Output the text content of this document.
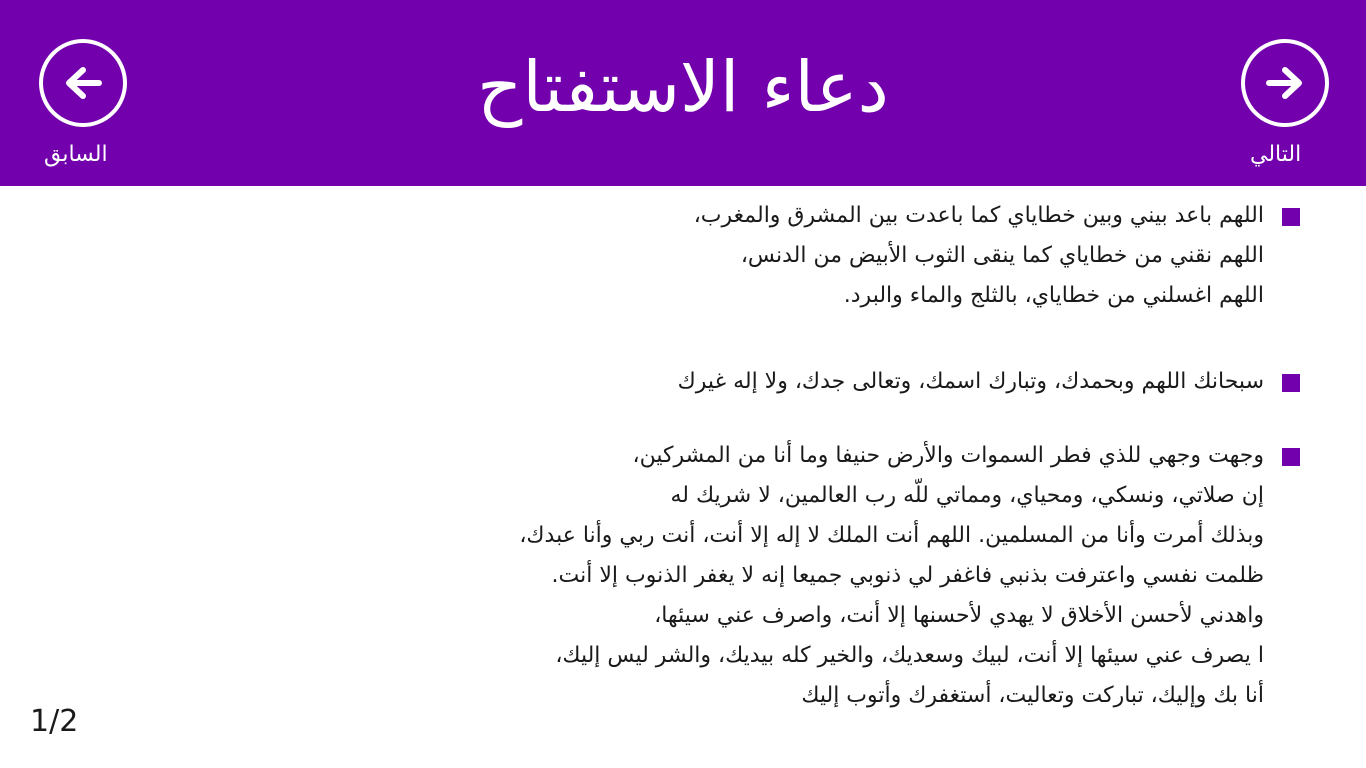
السابق
دعاء الاستفتاح
التالي
اللهم باعد بيني وبين خطاياي كما باعدت بين المشرق والمغرب،
اللهم نقني من خطاياي كما ينقى الثوب الأبيض من الدنس،
اللهم اغسلني من خطاياي، بالثلج والماء والبرد.
سبحانك اللهم وبحمدك، وتبارك اسمك، وتعالى جدك، ولا إله غيرك
وجهت وجهي للذي فطر السموات والأرض حنيفا وما أنا من المشركين،
إن صلاتي، ونسكي، ومحياي، ومماتي للّه رب العالمين، لا شريك له
وبذلك أمرت وأنا من المسلمين. اللهم أنت الملك لا إله إلا أنت، أنت ربي وأنا عبدك،
ظلمت نفسي واعترفت بذنبي فاغفر لي ذنوبي جميعا إنه لا يغفر الذنوب إلا أنت.
واهدني لأحسن الأخلاق لا يهدي لأحسنها إلا أنت، واصرف عني سيئها،
ا يصرف عني سيئها إلا أنت، لبيك وسعديك، والخير كله بيديك، والشر ليس إليك،
أنا بك وإليك، تباركت وتعاليت، أستغفرك وأتوب إليك
1/2
